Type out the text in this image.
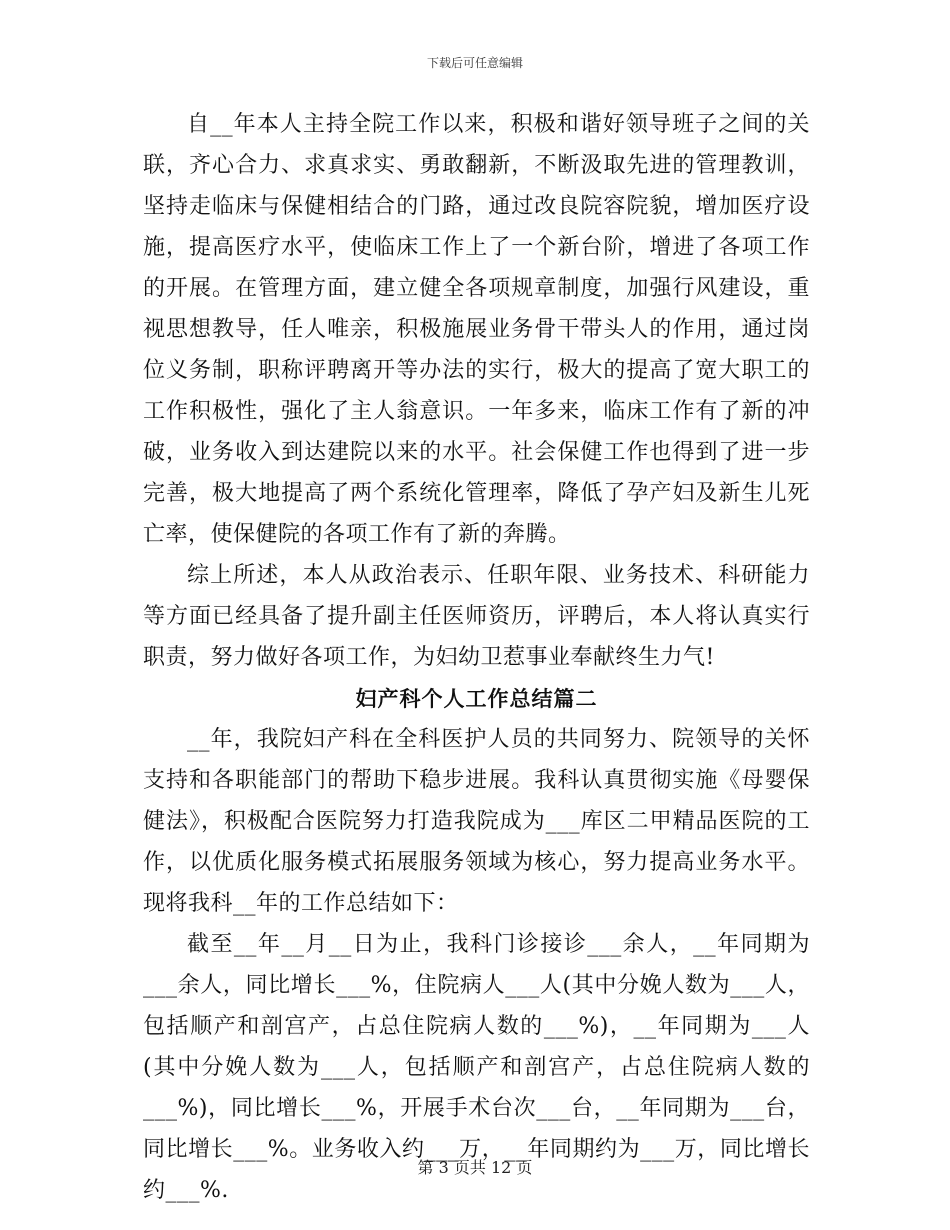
下载后可任意编辑

自__年本人主持全院工作以来，积极和谐好领导班子之间的关联，齐心合力、求真求实、勇敢翻新，不断汲取先进的管理教训，坚持走临床与保健相结合的门路，通过改良院容院貌，增加医疗设施，提高医疗水平，使临床工作上了一个新台阶，增进了各项工作的开展。在管理方面，建立健全各项规章制度，加强行风建设，重视思想教导，任人唯亲，积极施展业务骨干带头人的作用，通过岗位义务制，职称评聘离开等办法的实行，极大的提高了宽大职工的工作积极性，强化了主人翁意识。一年多来，临床工作有了新的冲破，业务收入到达建院以来的水平。社会保健工作也得到了进一步完善，极大地提高了两个系统化管理率，降低了孕产妇及新生儿死亡率，使保健院的各项工作有了新的奔腾。

综上所述，本人从政治表示、任职年限、业务技术、科研能力等方面已经具备了提升副主任医师资历，评聘后，本人将认真实行职责，努力做好各项工作，为妇幼卫惹事业奉献终生力气!

妇产科个人工作总结篇二

__年，我院妇产科在全科医护人员的共同努力、院领导的关怀支持和各职能部门的帮助下稳步进展。我科认真贯彻实施《母婴保健法》，积极配合医院努力打造我院成为___库区二甲精品医院的工作，以优质化服务模式拓展服务领域为核心，努力提高业务水平。现将我科__年的工作总结如下：

截至__年__月__日为止，我科门诊接诊___余人，__年同期为___余人，同比增长___%，住院病人___人(其中分娩人数为___人，包括顺产和剖宫产，占总住院病人数的___%)，__年同期为___人(其中分娩人数为___人，包括顺产和剖宫产，占总住院病人数的___%)，同比增长___%，开展手术台次___台，__年同期为___台，同比增长___%。业务收入约___万，__年同期约为___万，同比增长约___%.

第 3 页共 12 页
